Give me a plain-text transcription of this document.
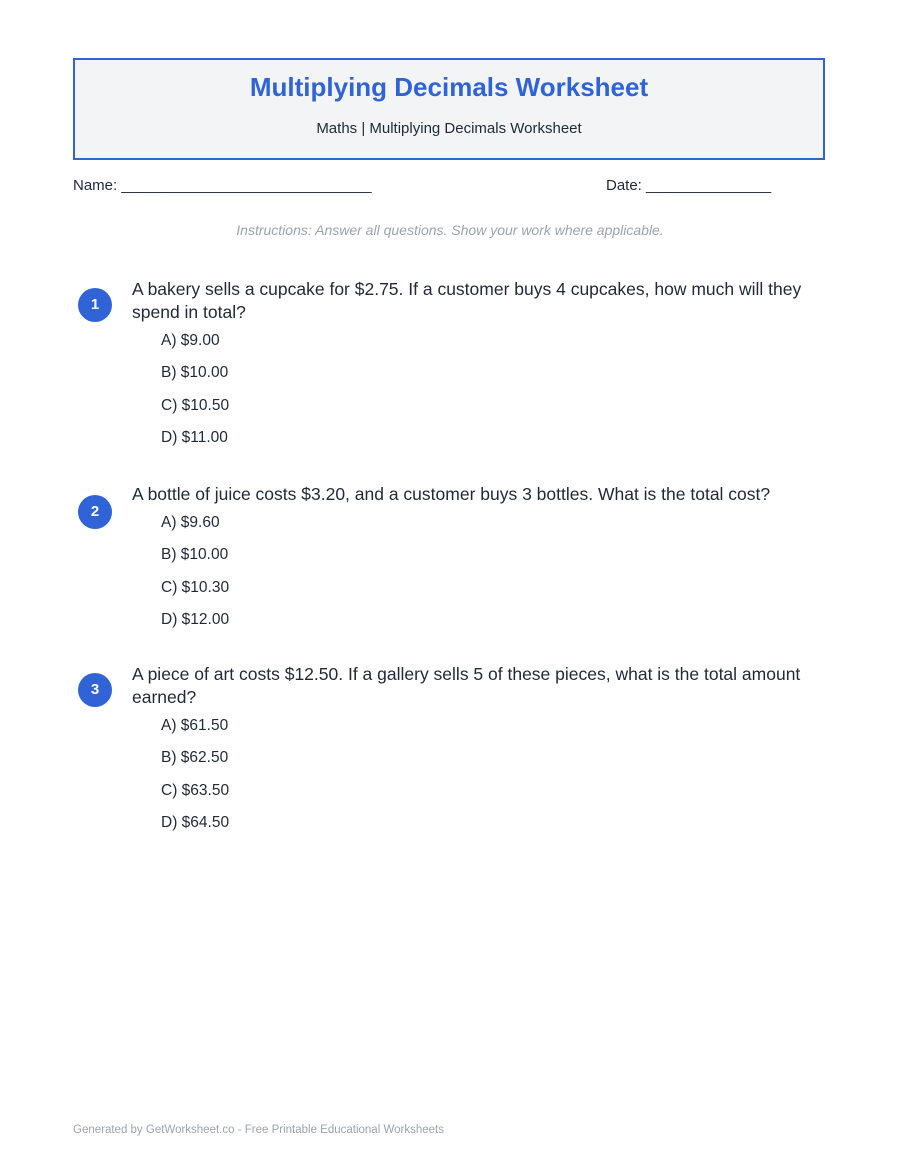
Multiplying Decimals Worksheet
Maths | Multiplying Decimals Worksheet
Name: ______________________________	Date: _______________
Instructions: Answer all questions. Show your work where applicable.
1
A bakery sells a cupcake for $2.75. If a customer buys 4 cupcakes, how much will they spend in total?
A) $9.00
B) $10.00
C) $10.50
D) $11.00
2
A bottle of juice costs $3.20, and a customer buys 3 bottles. What is the total cost?
A) $9.60
B) $10.00
C) $10.30
D) $12.00
3
A piece of art costs $12.50. If a gallery sells 5 of these pieces, what is the total amount earned?
A) $61.50
B) $62.50
C) $63.50
D) $64.50
Generated by GetWorksheet.co - Free Printable Educational Worksheets
